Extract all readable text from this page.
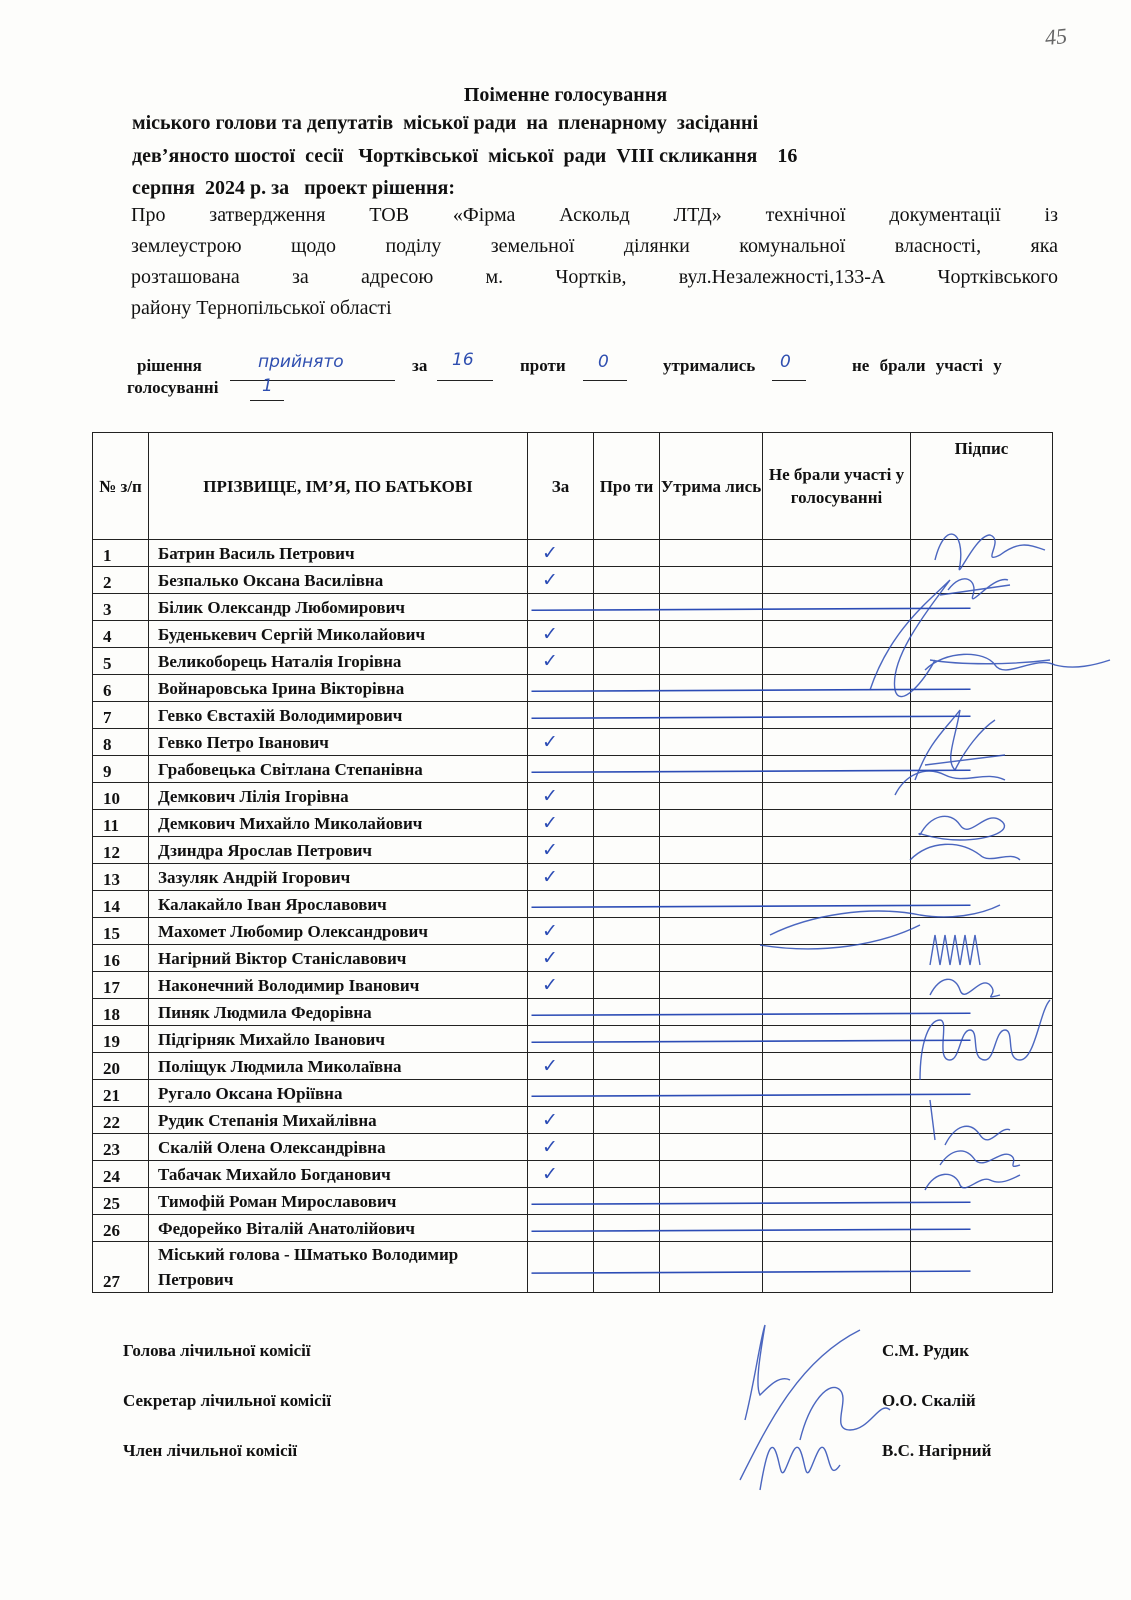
45
Поіменне голосування
міського голови та депутатів  міської ради  на  пленарному  засіданні
дев’яносто шостої  сесії   Чортківської  міської  ради  VIII скликання    16
серпня  2024 р. за   проект рішення:
Про затвердження ТОВ «Фірма Аскольд ЛТД» технічної документації із
землеустрою щодо поділу земельної ділянки комунальної власності, яка
розташована за адресою м. Чортків, вул.Незалежності,133-А Чортківського
району Тернопільської області
рішення	прийнято	за 16	проти 0	утримались 0	не брали участі у
голосуванні	1
№ з/п	ПРІЗВИЩЕ, ІМ’Я, ПО БАТЬКОВІ	За	Про ти	Утрима лись	Не брали участі у голосуванні	Підпис
1	Батрин Василь Петрович	✓				
2	Безпалько Оксана Василівна	✓				
3	Білик Олександр Любомирович					
4	Буденькевич Сергій Миколайович	✓				
5	Великоборець Наталія Ігорівна	✓				
6	Войнаровська Ірина Вікторівна					
7	Гевко Євстахій Володимирович					
8	Гевко Петро Іванович	✓				
9	Грабовецька Світлана Степанівна					
10	Демкович Лілія Ігорівна	✓				
11	Демкович Михайло Миколайович	✓				
12	Дзиндра Ярослав Петрович	✓				
13	Зазуляк Андрій Ігорович	✓				
14	Калакайло Іван Ярославович					
15	Махомет Любомир Олександрович	✓				
16	Нагірний Віктор Станіславович	✓				
17	Наконечний Володимир Іванович	✓				
18	Пиняк Людмила Федорівна					
19	Підгірняк Михайло Іванович					
20	Поліщук Людмила Миколаївна	✓				
21	Ругало Оксана Юріївна					
22	Рудик Степанія Михайлівна	✓				
23	Скалій Олена Олександрівна	✓				
24	Табачак Михайло Богданович	✓				
25	Тимофій Роман Мирославович					
26	Федорейко Віталій Анатолійович					
27	Міський голова - Шматько Володимир Петрович					
Голова лічильної комісії	С.М. Рудик
Секретар лічильної комісії	О.О. Скалій
Член лічильної комісії	В.С. Нагірний
